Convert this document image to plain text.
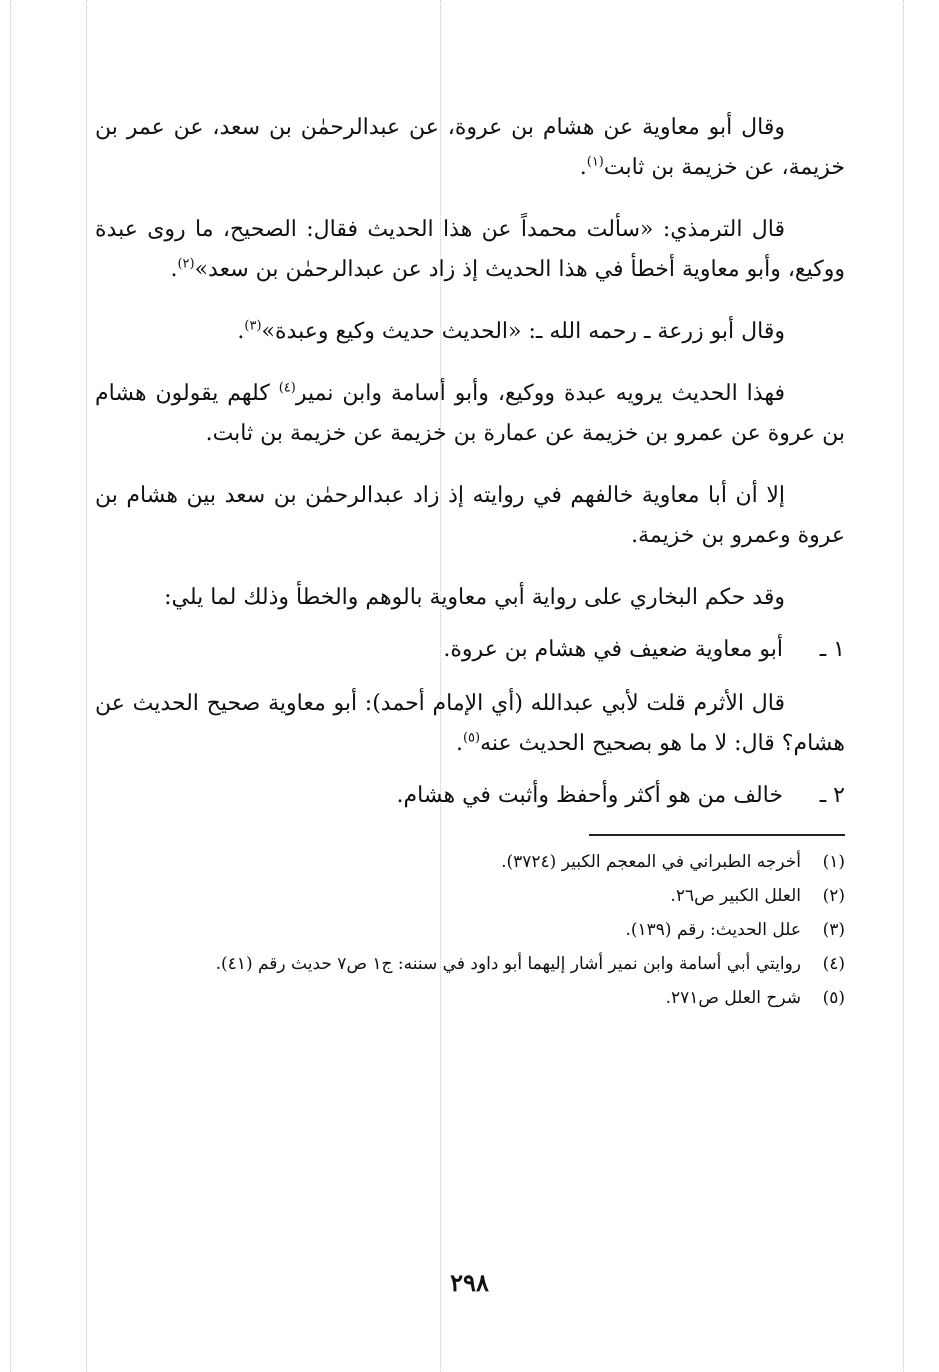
وقال أبو معاوية عن هشام بن عروة، عن عبدالرحمٰن بن سعد، عن عمر بن خزيمة، عن خزيمة بن ثابت$^{(١)}$.

قال الترمذي: «سألت محمداً عن هذا الحديث فقال: الصحيح، ما روى عبدة ووكيع، وأبو معاوية أخطأ في هذا الحديث إذ زاد عن عبدالرحمٰن بن سعد»$^{(٢)}$.

وقال أبو زرعة ـ رحمه الله ـ: «الحديث حديث وكيع وعبدة»$^{(٣)}$.

فهذا الحديث يرويه عبدة ووكيع، وأبو أسامة وابن نمير$^{(٤)}$ كلهم يقولون هشام بن عروة عن عمرو بن خزيمة عن عمارة بن خزيمة عن خزيمة بن ثابت.

إلا أن أبا معاوية خالفهم في روايته إذ زاد عبدالرحمٰن بن سعد بين هشام بن عروة وعمرو بن خزيمة.

وقد حكم البخاري على رواية أبي معاوية بالوهم والخطأ وذلك لما يلي:

١ ـأبو معاوية ضعيف في هشام بن عروة.

قال الأثرم قلت لأبي عبدالله (أي الإمام أحمد): أبو معاوية صحيح الحديث عن هشام؟ قال: لا ما هو بصحيح الحديث عنه$^{(٥)}$.

٢ ـخالف من هو أكثر وأحفظ وأثبت في هشام.
(١)
أخرجه الطبراني في المعجم الكبير (٣٧٢٤).
(٢)
العلل الكبير ص٢٦.
(٣)
علل الحديث: رقم (١٣٩).
(٤)
روايتي أبي أسامة وابن نمير أشار إليهما أبو داود في سننه: ج١ ص٧ حديث رقم (٤١).
(٥)
شرح العلل ص٢٧١.
٢٩٨
